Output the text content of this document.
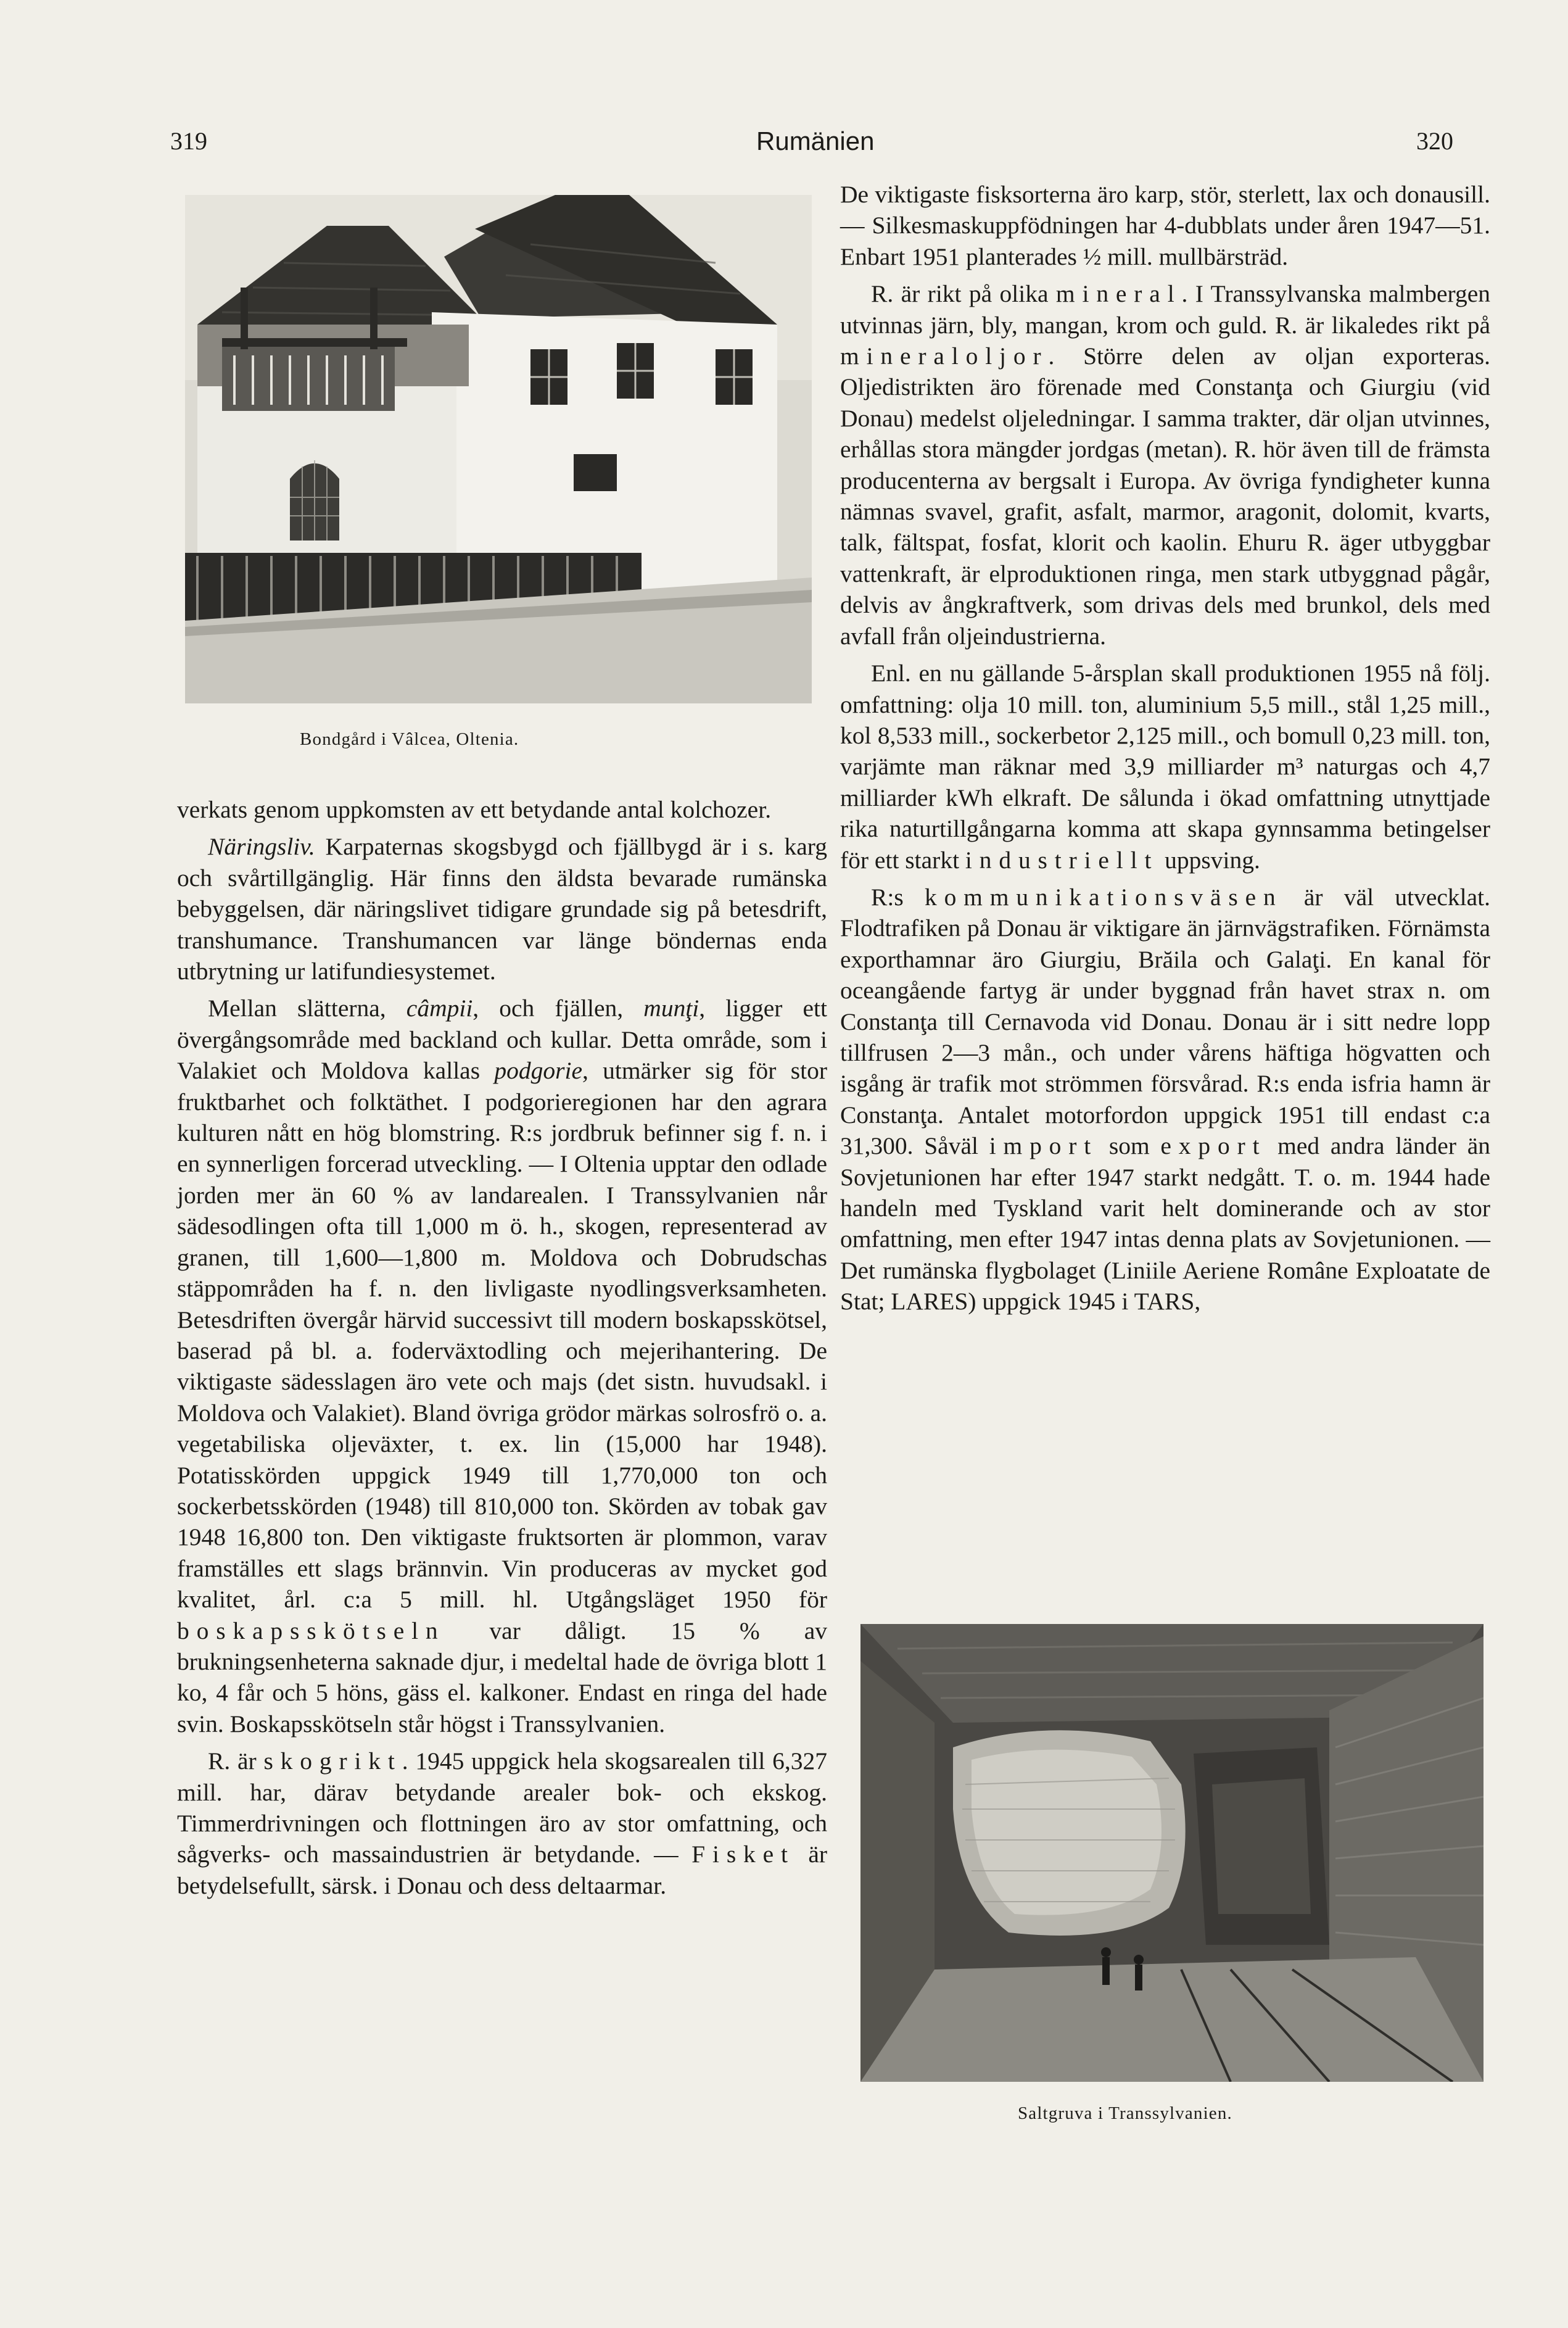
319	Rumänien	320
Bondgård i Vâlcea, Oltenia.

verkats genom uppkomsten av ett betydande antal kolchozer.

Näringsliv. Karpaternas skogsbygd och fjällbygd är i s. karg och svårtillgänglig. Här finns den äldsta bevarade rumänska bebyggelsen, där näringslivet tidigare grundade sig på betesdrift, transhumance. Transhumancen var länge böndernas enda utbrytning ur latifundiesystemet.

Mellan slätterna, câmpii, och fjällen, munţi, ligger ett övergångsområde med backland och kullar. Detta område, som i Valakiet och Moldova kallas podgorie, utmärker sig för stor fruktbarhet och folktäthet. I podgorieregionen har den agrara kulturen nått en hög blomstring. R:s jordbruk befinner sig f. n. i en synnerligen forcerad utveckling. — I Oltenia upptar den odlade jorden mer än 60 % av landarealen. I Transsylvanien når sädesodlingen ofta till 1,000 m ö. h., skogen, representerad av granen, till 1,600—1,800 m. Moldova och Dobrudschas stäppområden ha f. n. den livligaste nyodlingsverksamheten. Betesdriften övergår härvid successivt till modern boskapsskötsel, baserad på bl. a. foderväxtodling och mejerihantering. De viktigaste sädesslagen äro vete och majs (det sistn. huvudsakl. i Moldova och Valakiet). Bland övriga grödor märkas solrosfrö o. a. vegetabiliska oljeväxter, t. ex. lin (15,000 har 1948). Potatisskörden uppgick 1949 till 1,770,000 ton och sockerbetsskörden (1948) till 810,000 ton. Skörden av tobak gav 1948 16,800 ton. Den viktigaste fruktsorten är plommon, varav framställes ett slags brännvin. Vin produceras av mycket god kvalitet, årl. c:a 5 mill. hl. Utgångsläget 1950 för boskapsskötseln var dåligt. 15 % av brukningsenheterna saknade djur, i medeltal hade de övriga blott 1 ko, 4 får och 5 höns, gäss el. kalkoner. Endast en ringa del hade svin. Boskapsskötseln står högst i Transsylvanien.

R. är skogrikt. 1945 uppgick hela skogsarealen till 6,327 mill. har, därav betydande arealer bok- och ekskog. Timmerdrivningen och flottningen äro av stor omfattning, och sågverks- och massaindustrien är betydande. — Fisket är betydelsefullt, särsk. i Donau och dess deltaarmar.

De viktigaste fisksorterna äro karp, stör, sterlett, lax och donausill. — Silkesmaskuppfödningen har 4-dubblats under åren 1947—51. Enbart 1951 planterades ½ mill. mullbärsträd.

R. är rikt på olika mineral. I Transsylvanska malmbergen utvinnas järn, bly, mangan, krom och guld. R. är likaledes rikt på mineraloljor. Större delen av oljan exporteras. Oljedistrikten äro förenade med Constanţa och Giurgiu (vid Donau) medelst oljeledningar. I samma trakter, där oljan utvinnes, erhållas stora mängder jordgas (metan). R. hör även till de främsta producenterna av bergsalt i Europa. Av övriga fyndigheter kunna nämnas svavel, grafit, asfalt, marmor, aragonit, dolomit, kvarts, talk, fältspat, fosfat, klorit och kaolin. Ehuru R. äger utbyggbar vattenkraft, är elproduktionen ringa, men stark utbyggnad pågår, delvis av ångkraftverk, som drivas dels med brunkol, dels med avfall från oljeindustrierna.

Enl. en nu gällande 5-årsplan skall produktionen 1955 nå följ. omfattning: olja 10 mill. ton, aluminium 5,5 mill., stål 1,25 mill., kol 8,533 mill., sockerbetor 2,125 mill., och bomull 0,23 mill. ton, varjämte man räknar med 3,9 milliarder m³ naturgas och 4,7 milliarder kWh elkraft. De sålunda i ökad omfattning utnyttjade rika naturtillgångarna komma att skapa gynnsamma betingelser för ett starkt industriellt uppsving.

R:s kommunikationsväsen är väl utvecklat. Flodtrafiken på Donau är viktigare än järnvägstrafiken. Förnämsta exporthamnar äro Giurgiu, Brăila och Galaţi. En kanal för oceangående fartyg är under byggnad från havet strax n. om Constanţa till Cernavoda vid Donau. Donau är i sitt nedre lopp tillfrusen 2—3 mån., och under vårens häftiga högvatten och isgång är trafik mot strömmen försvårad. R:s enda isfria hamn är Constanţa. Antalet motorfordon uppgick 1951 till endast c:a 31,300. Såväl import som export med andra länder än Sovjetunionen har efter 1947 starkt nedgått. T. o. m. 1944 hade handeln med Tyskland varit helt dominerande och av stor omfattning, men efter 1947 intas denna plats av Sovjetunionen. — Det rumänska flygbolaget (Liniile Aeriene Române Exploatate de Stat; LARES) uppgick 1945 i TARS,

Saltgruva i Transsylvanien.
